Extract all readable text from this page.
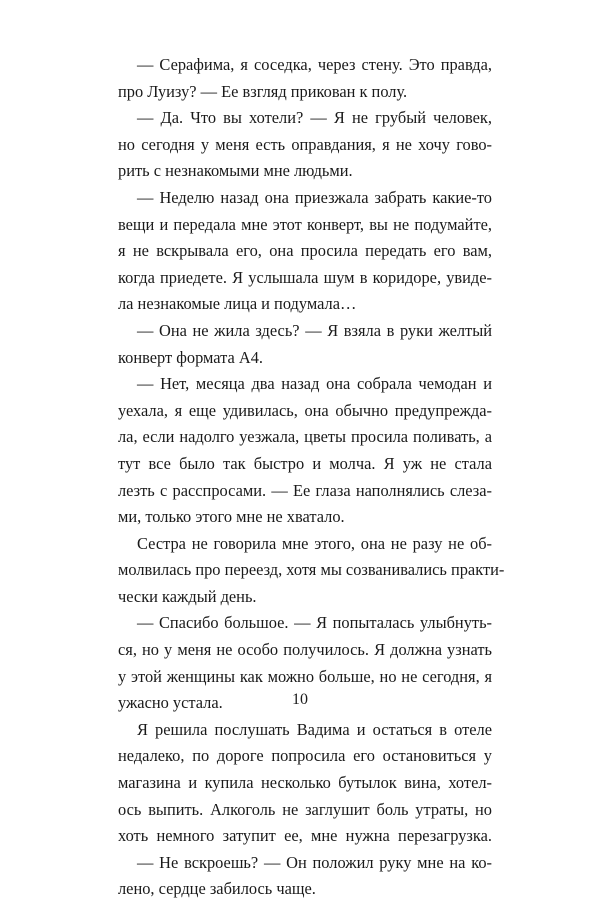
— Серафима, я соседка, через стену. Это правда,
про Луизу? — Ее взгляд прикован к полу.
— Да. Что вы хотели? — Я не грубый человек,
но сегодня у меня есть оправдания, я не хочу гово-
рить с незнакомыми мне людьми.
— Неделю назад она приезжала забрать какие-то
вещи и передала мне этот конверт, вы не подумайте,
я не вскрывала его, она просила передать его вам,
когда приедете. Я услышала шум в коридоре, увиде-
ла незнакомые лица и подумала…
— Она не жила здесь? — Я взяла в руки желтый
конверт формата А4.
— Нет, месяца два назад она собрала чемодан и
уехала, я еще удивилась, она обычно предупрежда-
ла, если надолго уезжала, цветы просила поливать, а
тут все было так быстро и молча. Я уж не стала
лезть с расспросами. — Ее глаза наполнялись слеза-
ми, только этого мне не хватало.
Сестра не говорила мне этого, она не разу не об-
молвилась про переезд, хотя мы созванивались практи-
чески каждый день.
— Спасибо большое. — Я попыталась улыбнуть-
ся, но у меня не особо получилось. Я должна узнать
у этой женщины как можно больше, но не сегодня, я
ужасно устала.
Я решила послушать Вадима и остаться в отеле
недалеко, по дороге попросила его остановиться у
магазина и купила несколько бутылок вина, хотел-
ось выпить. Алкоголь не заглушит боль утраты, но
хоть немного затупит ее, мне нужна перезагрузка.
— Не вскроешь? — Он положил руку мне на ко-
лено, сердце забилось чаще.
10
